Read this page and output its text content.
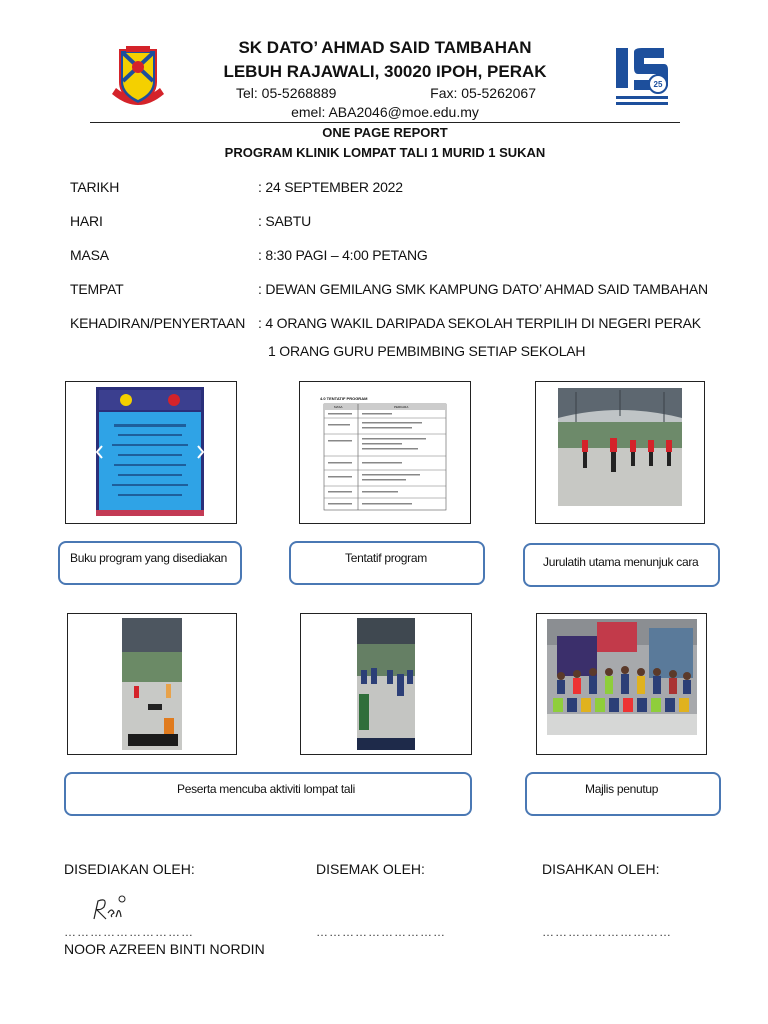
25
SK DATO’ AHMAD SAID TAMBAHAN
LEBUH RAJAWALI, 30020 IPOH, PERAK
Tel: 05-5268889	Fax: 05-5262067
emel: ABA2046@moe.edu.my
ONE PAGE REPORT
PROGRAM KLINIK LOMPAT TALI 1 MURID 1 SUKAN
TARIKH	: 24 SEPTEMBER 2022
HARI	: SABTU
MASA	: 8:30 PAGI – 4:00 PETANG
TEMPAT	: DEWAN GEMILANG SMK KAMPUNG DATO’ AHMAD SAID TAMBAHAN
KEHADIRAN/PENYERTAAN : 4 ORANG WAKIL DARIPADA SEKOLAH TERPILIH DI NEGERI PERAK
1 ORANG GURU PEMBIMBING SETIAP SEKOLAH
4.0 TENTATIF PROGRAM
MASA	PERKARA
Buku program yang disediakan	Tentatif program	Jurulatih utama menunjuk cara
Peserta mencuba aktiviti lompat tali	Majlis penutup
DISEDIAKAN OLEH:	DISEMAK OLEH:	DISAHKAN OLEH:
…………………………	…………………………	…………………………
NOOR AZREEN BINTI NORDIN
